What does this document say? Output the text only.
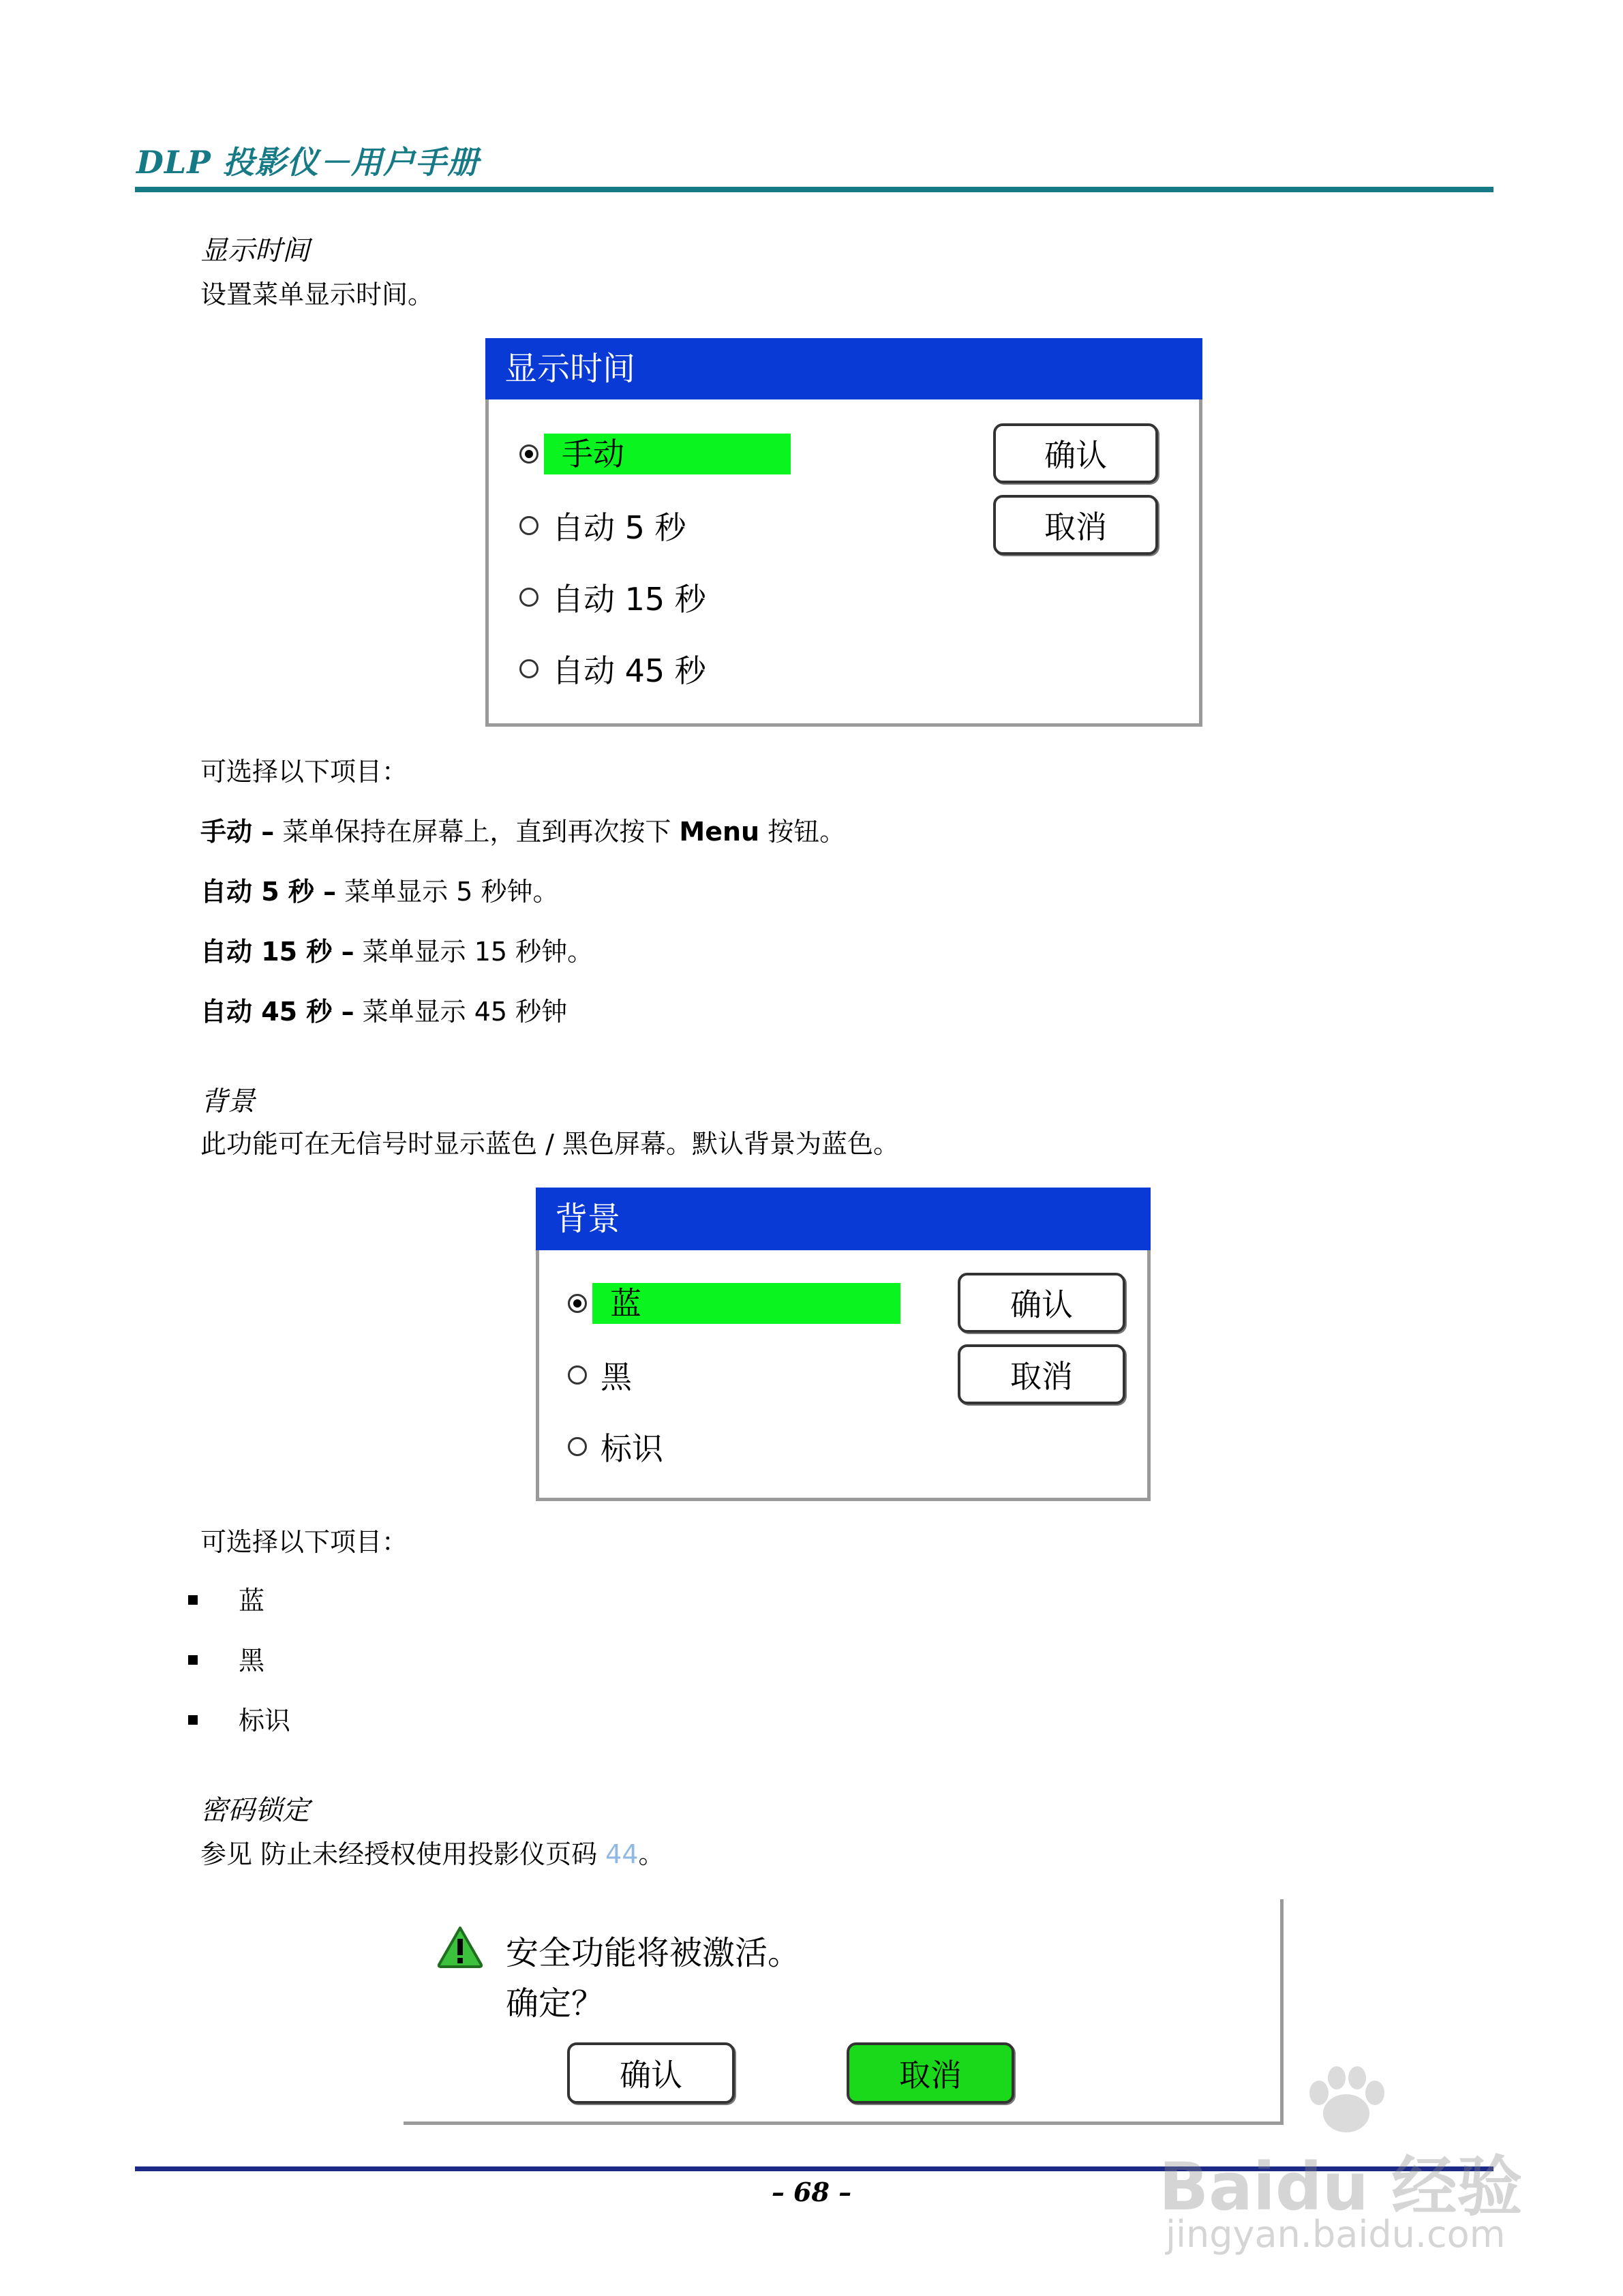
DLP 投影仪－用户手册
显示时间
设置菜单显示时间。
显示时间
手动
自动 5 秒
自动 15 秒
自动 45 秒
确认
取消
可选择以下项目：
手动 – 菜单保持在屏幕上，直到再次按下 Menu 按钮。
自动 5 秒 – 菜单显示 5 秒钟。
自动 15 秒 – 菜单显示 15 秒钟。
自动 45 秒 – 菜单显示 45 秒钟
背景
此功能可在无信号时显示蓝色 / 黑色屏幕。默认背景为蓝色。
背景
蓝
黑
标识
确认
取消
可选择以下项目：
蓝
黑
标识
密码锁定
参见 防止未经授权使用投影仪页码 44。
安全功能将被激活。
确定？
确认	取消
– 68 –	Baidu 经验
jingyan.baidu.com
